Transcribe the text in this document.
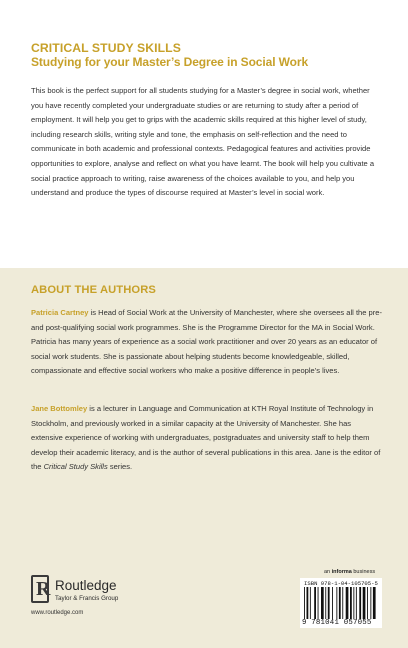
CRITICAL STUDY SKILLS
Studying for your Master’s Degree in Social Work

This book is the perfect support for all students studying for a Master’s degree in social work, whether you have recently completed your undergraduate studies or are returning to study after a period of employment. It will help you get to grips with the academic skills required at this higher level of study, including research skills, writing style and tone, the emphasis on self-reflection and the need to communicate in both academic and professional contexts. Pedagogical features and activities provide opportunities to explore, analyse and reflect on what you have learnt. The book will help you cultivate a social practice approach to writing, raise awareness of the choices available to you, and help you understand and produce the types of discourse required at Master’s level in social work.

ABOUT THE AUTHORS

Patricia Cartney is Head of Social Work at the University of Manchester, where she oversees all the pre- and post-qualifying social work programmes. She is the Programme Director for the MA in Social Work. Patricia has many years of experience as a social work practitioner and over 20 years as an educator of social work students. She is passionate about helping students become knowledgeable, skilled, compassionate and effective social workers who make a positive difference in people’s lives.

Jane Bottomley is a lecturer in Language and Communication at KTH Royal Institute of Technology in Stockholm, and previously worked in a similar capacity at the University of Manchester. She has extensive experience of working with undergraduates, postgraduates and university staff to help them develop their academic literacy, and is the author of several publications in this area. Jane is the editor of the Critical Study Skills series.

R Routledge
Taylor & Francis Group
www.routledge.com
an informa business
ISBN 978-1-04-105705-5
9 781041 057055
